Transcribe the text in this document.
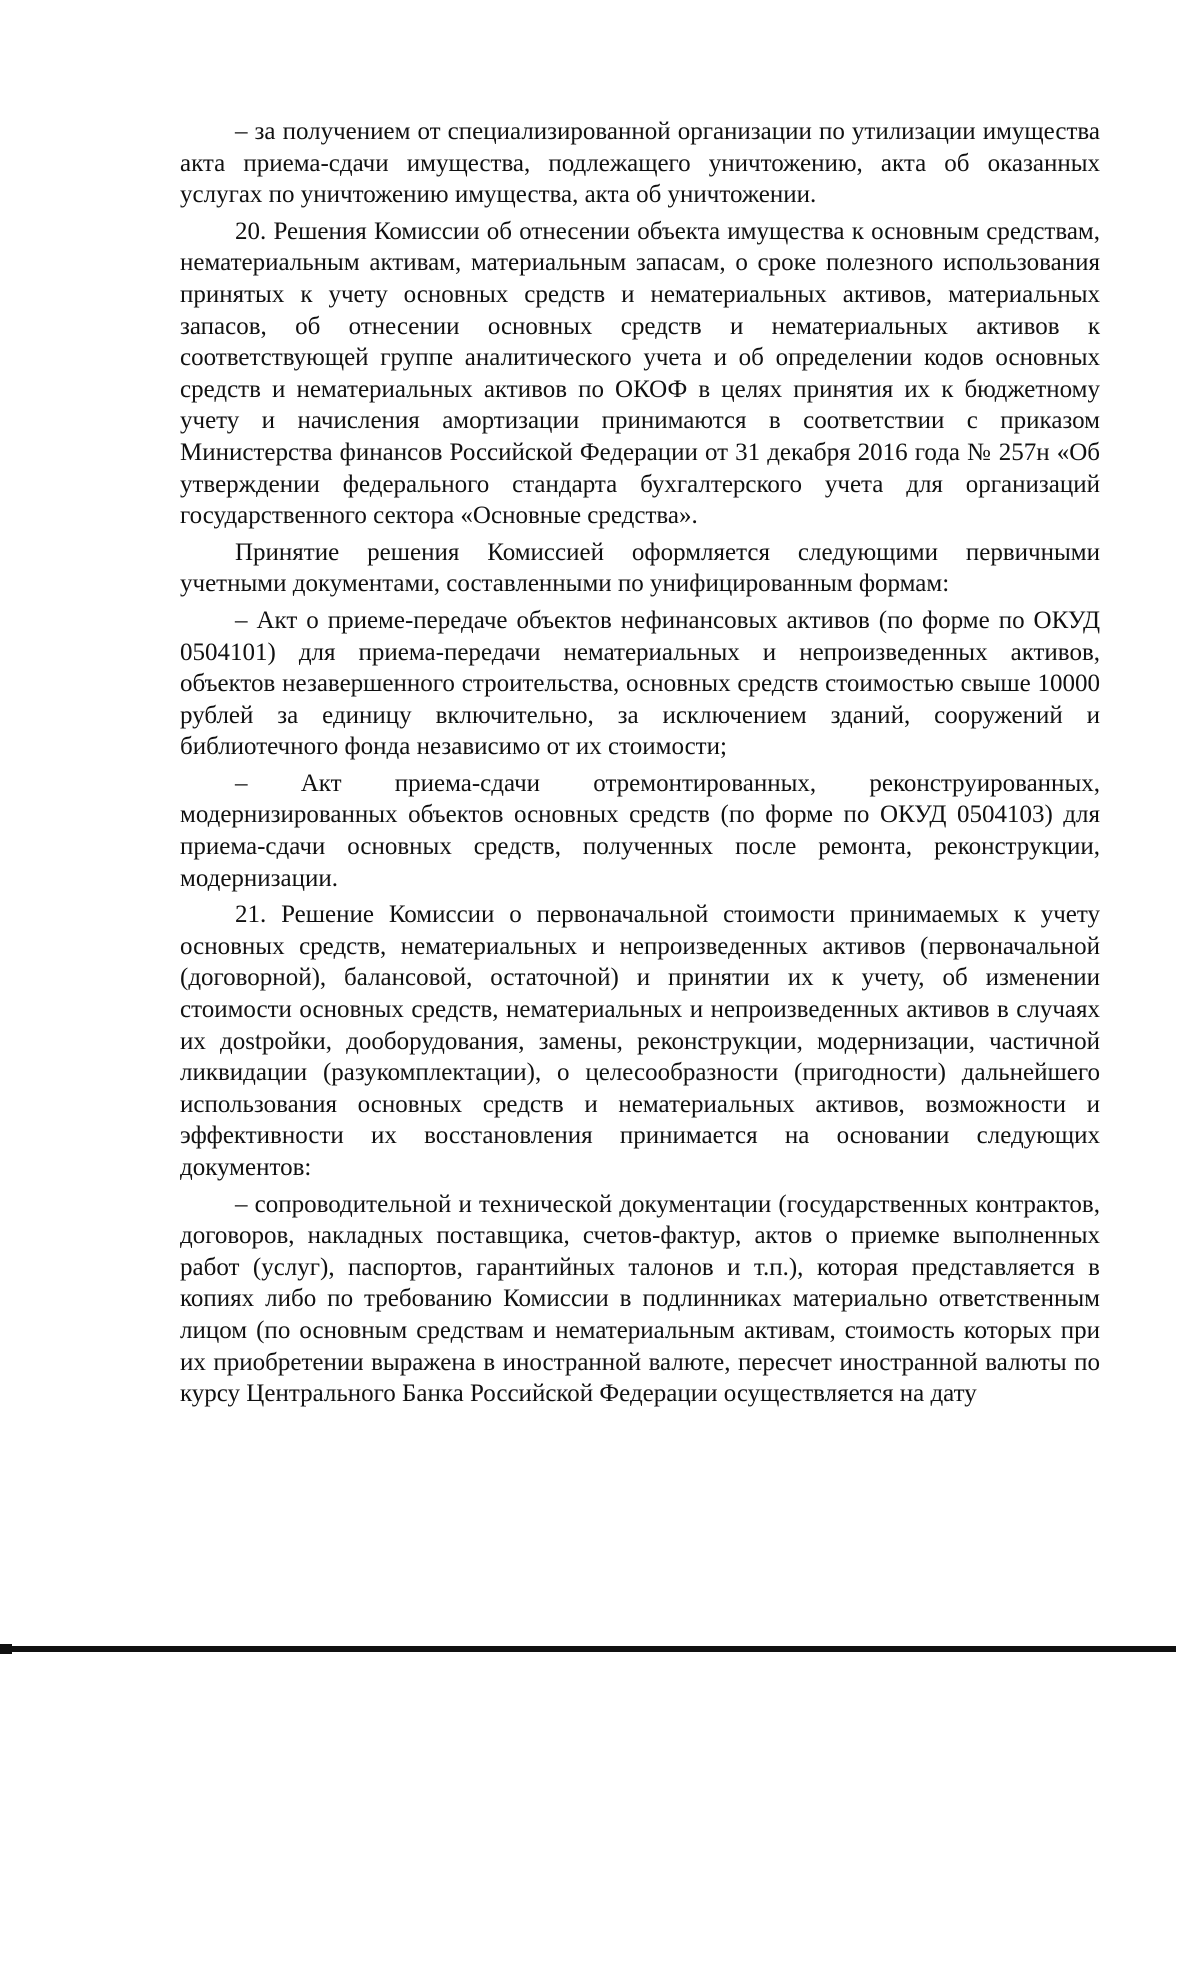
– за получением от специализированной организации по утилизации имущества акта приема-сдачи имущества, подлежащего уничтожению, акта об оказанных услугах по уничтожению имущества, акта об уничтожении.

20. Решения Комиссии об отнесении объекта имущества к основным средствам, нематериальным активам, материальным запасам, о сроке полезного использования принятых к учету основных средств и нематериальных активов, материальных запасов, об отнесении основных средств и нематериальных активов к соответствующей группе аналитического учета и об определении кодов основных средств и нематериальных активов по ОКОФ в целях принятия их к бюджетному учету и начисления амортизации принимаются в соответствии с приказом Министерства финансов Российской Федерации от 31 декабря 2016 года № 257н «Об утверждении федерального стандарта бухгалтерского учета для организаций государственного сектора «Основные средства».

Принятие решения Комиссией оформляется следующими первичными учетными документами, составленными по унифицированным формам:

– Акт о приеме-передаче объектов нефинансовых активов (по форме по ОКУД 0504101) для приема-передачи нематериальных и непроизведенных активов, объектов незавершенного строительства, основных средств стоимостью свыше 10000 рублей за единицу включительно, за исключением зданий, сооружений и библиотечного фонда независимо от их стоимости;

– Акт приема-сдачи отремонтированных, реконструированных, модернизированных объектов основных средств (по форме по ОКУД 0504103) для приема-сдачи основных средств, полученных после ремонта, реконструкции, модернизации.

21. Решение Комиссии о первоначальной стоимости принимаемых к учету основных средств, нематериальных и непроизведенных активов (первоначальной (договорной), балансовой, остаточной) и принятии их к учету, об изменении стоимости основных средств, нематериальных и непроизведенных активов в случаях их дostройки, дооборудования, замены, реконструкции, модернизации, частичной ликвидации (разукомплектации), о целесообразности (пригодности) дальнейшего использования основных средств и нематериальных активов, возможности и эффективности их восстановления принимается на основании следующих документов:

– сопроводительной и технической документации (государственных контрактов, договоров, накладных поставщика, счетов-фактур, актов о приемке выполненных работ (услуг), паспортов, гарантийных талонов и т.п.), которая представляется в копиях либо по требованию Комиссии в подлинниках материально ответственным лицом (по основным средствам и нематериальным активам, стоимость которых при их приобретении выражена в иностранной валюте, пересчет иностранной валюты по курсу Центрального Банка Российской Федерации осуществляется на дату
